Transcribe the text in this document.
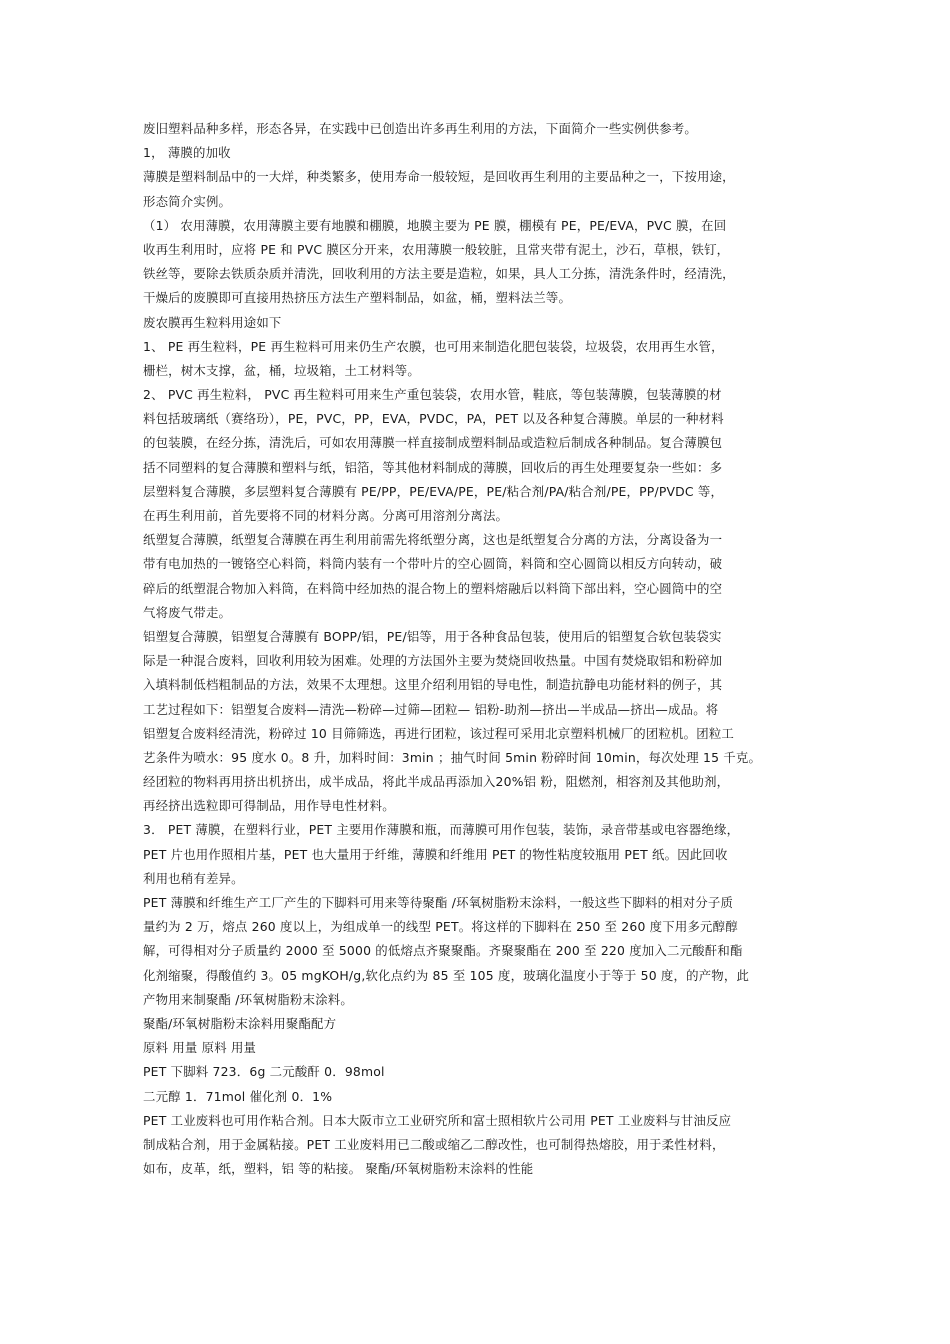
废旧塑料品种多样，形态各异，在实践中已创造出许多再生利用的方法，下面简介一些实例供参考。
1， 薄膜的加收
薄膜是塑料制品中的一大烊，种类繁多，使用寿命一般较短，是回收再生利用的主要品种之一，下按用途，
形态简介实例。
（1） 农用薄膜，农用薄膜主要有地膜和棚膜，地膜主要为 PE 膜，棚模有 PE，PE/EVA，PVC 膜，在回
收再生利用时，应将 PE 和 PVC 膜区分开来，农用薄膜一般较脏，且常夹带有泥土，沙石，草根，铁钉，
铁丝等，要除去铁质杂质并清洗，回收利用的方法主要是造粒，如果，具人工分拣，清洗条件时，经清洗，
干燥后的废膜即可直接用热挤压方法生产塑料制品，如盆，桶，塑料法兰等。
废农膜再生粒料用途如下
1、 PE 再生粒料，PE 再生粒料可用来仍生产农膜，也可用来制造化肥包装袋，垃圾袋，农用再生水管，
栅栏，树木支撑，盆，桶，垃圾箱，土工材料等。
2、 PVC 再生粒料， PVC 再生粒料可用来生产重包装袋，农用水管，鞋底，等包装薄膜，包装薄膜的材
料包括玻璃纸（赛络玢），PE，PVC，PP，EVA，PVDC，PA，PET 以及各种复合薄膜。单层的一种材料
的包装膜，在经分拣，清洗后，可如农用薄膜一样直接制成塑料制品或造粒后制成各种制品。复合薄膜包
括不同塑料的复合薄膜和塑料与纸，铝箔，等其他材料制成的薄膜，回收后的再生处理要复杂一些如：多
层塑料复合薄膜，多层塑料复合薄膜有 PE/PP，PE/EVA/PE，PE/粘合剂/PA/粘合剂/PE，PP/PVDC 等，
在再生利用前，首先要将不同的材料分离。分离可用溶剂分离法。
纸塑复合薄膜，纸塑复合薄膜在再生利用前需先将纸塑分离，这也是纸塑复合分离的方法，分离设备为一
带有电加热的一镀铬空心料筒，料筒内装有一个带叶片的空心圆筒，料筒和空心圆筒以相反方向转动，破
碎后的纸塑混合物加入料筒，在料筒中经加热的混合物上的塑料熔融后以料筒下部出料，空心圆筒中的空
气将废气带走。
铝塑复合薄膜，铝塑复合薄膜有 BOPP/铝，PE/铝等，用于各种食品包装，使用后的铝塑复合软包装袋实
际是一种混合废料，回收利用较为困难。处理的方法国外主要为焚烧回收热量。中国有焚烧取铝和粉碎加
入填料制低档粗制品的方法，效果不太理想。这里介绍利用铝的导电性，制造抗静电功能材料的例子，其
工艺过程如下：铝塑复合废料—清洗—粉碎—过筛—团粒— 铝粉-助剂—挤出—半成品—挤出—成品。将
铝塑复合废料经清洗，粉碎过 10 目筛筛选，再进行团粒，该过程可采用北京塑料机械厂的团粒机。团粒工
艺条件为喷水：95 度水 0。8 升，加料时间：3min ；抽气时间 5min 粉碎时间 10min，每次处理 15 千克。
经团粒的物料再用挤出机挤出，成半成品，将此半成品再添加入20%铝 粉，阻燃剂，相容剂及其他助剂，
再经挤出选粒即可得制品，用作导电性材料。
3． PET 薄膜，在塑料行业，PET 主要用作薄膜和瓶，而薄膜可用作包装，装饰，录音带基或电容器绝缘，
PET 片也用作照相片基，PET 也大量用于纤维，薄膜和纤维用 PET 的物性粘度较瓶用 PET 纸。因此回收
利用也稍有差异。
PET 薄膜和纤维生产工厂产生的下脚料可用来等待聚酯 /环氧树脂粉末涂料，一般这些下脚料的相对分子质
量约为 2 万，熔点 260 度以上，为组成单一的线型 PET。将这样的下脚料在 250 至 260 度下用多元醇醇
解，可得相对分子质量约 2000 至 5000 的低熔点齐聚聚酯。齐聚聚酯在 200 至 220 度加入二元酸酐和酯
化剂缩聚，得酸值约 3。05 mgKOH/g,软化点约为 85 至 105 度，玻璃化温度小于等于 50 度，的产物，此
产物用来制聚酯 /环氧树脂粉末涂料。
聚酯/环氧树脂粉末涂料用聚酯配方
原料 用量 原料 用量
PET 下脚料 723．6g 二元酸酐 0．98mol
二元醇 1．71mol 催化剂 0．1%
PET 工业废料也可用作粘合剂。日本大阪市立工业研究所和富士照相软片公司用 PET 工业废料与甘油反应
制成粘合剂，用于金属粘接。PET 工业废料用已二酸或缩乙二醇改性，也可制得热熔胶，用于柔性材料，
如布，皮革，纸，塑料，铝 等的粘接。 聚酯/环氧树脂粉末涂料的性能
